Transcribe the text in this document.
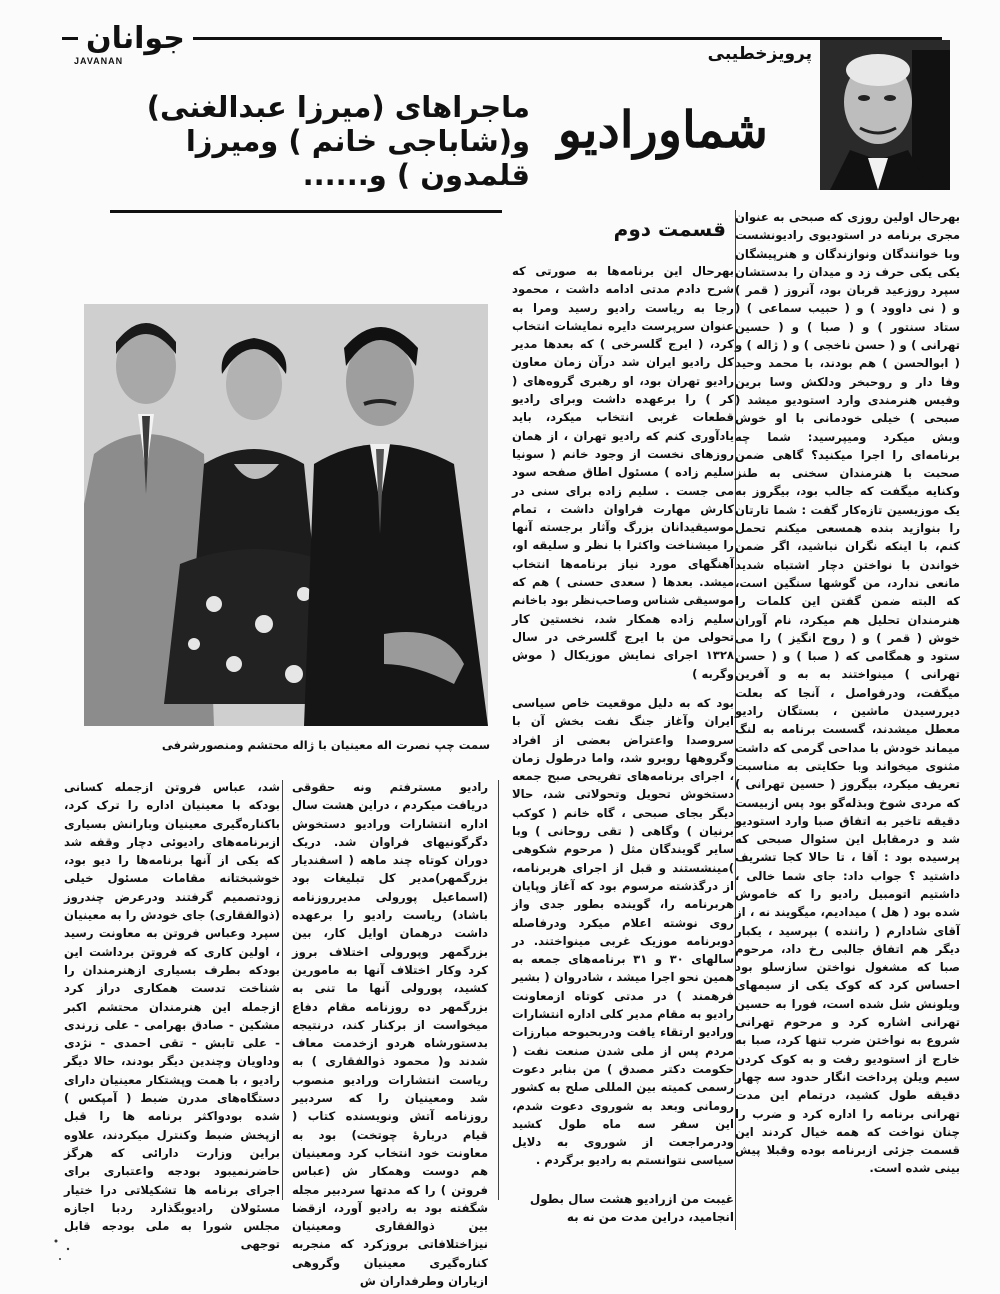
جوانان
JAVANAN	پرویزخطیبی
شماورادیو
ماجراهای (میرزا عبدالغنی) و(شاباجی خانم ) ومیرزا قلمدون ) و......
قسمت دوم
سمت چپ نصرت اله معینیان با ژاله محتشم ومنصورشرفی

بهرحال اولین روزی که صبحی به عنوان مجری برنامه در استودیوی رادیونشست وبا خوانندگان ونوازندگان و هنرپیشگان یکی یکی حرف زد و میدان را بدستشان سپرد روزعید قربان بود، آنروز ( قمر ) و ( نی داوود ) و ( حبیب سماعی ) ( ستاد سنتور ) و ( صبا ) و ( حسین تهرانی ) و ( حسن ناخجی ) و ( ژاله ) و ( ابوالحسن ) هم بودند، با محمد وحید وفا دار و روحبخر ودلکش وسا برین وفیس هنرمندی وارد استودیو میشد ( صبحی ) خیلی خودمانی با او خوش وبش میکرد ومیپرسید: شما چه برنامه‌ای را اجرا میکنید؟ گاهی ضمن صحبت با هنرمندان سخنی به طنز وکنایه میگفت که جالب بود، بیگروز به یک موزیسین تازه‌کار گفت : شما تارتان را بنوازید بنده همسعی میکنم تحمل کنم، با اینکه نگران نباشید، اگر ضمن خواندن با نواختن دچار اشتباه شدید مانعی ندارد، من گوشها سنگین است، که البته ضمن گفتن این کلمات را هنرمندان تحلیل هم میکرد، نام آوران خوش ( قمر ) و ( روح انگیز ) را می ستود و همگامی که ( صبا ) و ( حسن تهرانی ) مینواختند به به و آفرین میگفت، ودرفواصل ، آنجا که بعلت دیررسیدن ماشین ، بستگان رادیو معطل میشدند، گسست برنامه به لنگ میماند خودش با مداحی گرمی که داشت مثنوی میخواند وبا حکایتی به مناسبت تعریف میکرد، بیگروز ( حسین تهرانی ) که مردی شوخ وبذله‌گو بود پس ازبیست دقیقه تاخیر به اتفاق صبا وارد استودیو شد و درمقابل این سئوال صبحی که پرسیده بود : آقا ، تا حالا کجا تشریف داشتید ؟ جواب داد: جای شما خالی ، داشتیم اتومبیل رادیو را که خاموش شده بود ( هل ) میدادیم، میگویند نه ، از آقای شادارم ( راننده ) بپرسید ، یکبار دیگر هم اتفاق جالبی رخ داد، مرحوم صبا که مشغول نواختن سازسلو بود احساس کرد که کوک یکی از سیمهای ویلونش شل شده است، فورا به حسین تهرانی اشاره کرد و مرحوم تهرانی شروع به نواختن ضرب تنها کرد، صبا به خارج از استودیو رفت و به کوک کردن سیم ویلن پرداخت انگار حدود سه چهار دقیقه طول کشید، درتمام این مدت تهرانی برنامه را اداره کرد و ضرب را چنان نواخت که همه خیال کردند این قسمت جزئی ازبرنامه بوده وقبلا پیش بینی شده است.

بهرحال این برنامه‌ها به صورتی که شرح دادم مدتی ادامه داشت ، محمود رجا به ریاست رادیو رسید ومرا به عنوان سرپرست دایره نمایشات انتخاب کرد، ( ایرج گلسرخی ) که بعدها مدیر کل رادیو ایران شد درآن زمان معاون رادیو تهران بود، او رهبری گروه‌های ( کر ) را برعهده داشت وبرای رادیو قطعات غربی انتخاب میکرد، باید یادآوری کنم که رادیو تهران ، از همان روزهای نخست از وجود خانم ( سونیا سلیم زاده ) مسئول اطاق صفحه سود می جست . سلیم زاده برای سنی در کارش مهارت فراوان داشت ، تمام موسیقیدانان بزرگ وآثار برجسته آنها را میشناخت واکثرا با نظر و سلیقه او، آهنگهای مورد نیاز برنامه‌ها انتخاب میشد. بعدها ( سعدی حسنی ) هم که موسیقی شناس وصاحب‌نظر بود باخانم سلیم زاده همکار شد، نخستین کار تحولی من با ایرج گلسرخی در سال ۱۳۲۸ اجرای نمایش موزیکال ( موش وگربه )

بود که به دلیل موقعیت خاص سیاسی ایران وآغاز جنگ نفت بخش آن با سروصدا واعتراض بعضی از افراد وگروهها روبرو شد، واما درطول زمان ، اجرای برنامه‌های تفریحی صبح جمعه دستخوش تحویل وتحولاتی شد، حالا دیگر بجای صبحی ، گاه خانم ( کوکب برنیان ) وگاهی ( تقی روحانی ) وبا سایر گویندگان مثل ( مرحوم شکوهی )مینشستند و قبل از اجرای هربرنامه، از درگذشته مرسوم بود که آغاز وپایان هربرنامه را، گوینده بطور جدی واز روی نوشته اعلام میکرد ودرفاصله دوبرنامه موزیک غربی مینواختند. در سالهای ۳۰ و ۳۱ برنامه‌های جمعه به همین نحو اجرا میشد ، شادروان ( بشیر فرهمند ) در مدتی کوتاه ازمعاونت رادیو به مقام مدیر کلی اداره انتشارات ورادیو ارتقاء یافت ودربحبوحه مبارزات مردم پس از ملی شدن صنعت نفت ( حکومت دکتر مصدق ) من بنابر دعوت رسمی کمیته بین المللی صلح به کشور رومانی وبعد به شوروی دعوت شدم، این سفر سه ماه طول کشید ودرمراجعت از شوروی به دلایل سیاسی نتوانستم به رادیو برگردم .

رادیو مسترفتم ونه حقوقی دریافت میکردم ، دراین هشت سال اداره انتشارات ورادیو دستخوش دگرگونیهای فراوان شد. دریک دوران کوتاه چند ماهه ( اسفندیار بزرگمهر)مدیر کل تبلیغات بود (اسماعیل پورولی مدیرروزنامه باشاد) ریاست رادیو را برعهده داشت درهمان اوایل کار، بین بزرگمهر وپورولی اختلاف بروز کرد وکار اختلاف آنها به مامورین کشید، پورولی آنها ما تنی به بزرگمهر ده روزنامه مقام دفاع میخواست از برکنار کند، درنتیجه بدستورشاه هردو ازخدمت معاف شدند و( محمود ذوالفقاری ) به ریاست انتشارات ورادیو منصوب شد ومعینیان را که سردبیر روزنامه آتش ونویسنده کتاب ( قیام دربارهٔ چوتخت) بود به معاونت خود انتخاب کرد ومعینیان هم دوست وهمکار ش (عباس فروتن ) را که مدتها سردبیر مجله شگفته بود به رادیو آورد، ازقضا بین ذوالفقاری ومعینیان نیزاختلافاتی بروزکرد که منجربه کناره‌گیری معینیان وگروهی ازیاران وطرفداران ش

شد، عباس فروتن ازجمله کسانی بودکه با معینیان اداره را ترک کرد، باکناره‌گیری معینیان وبارانش بسیاری ازبرنامه‌های رادیوئی دچار وقفه شد که یکی از آنها برنامه‌ها را دیو بود، خوشبختانه مقامات مسئول خیلی زودتصمیم گرفتند ودرعرض چندروز (ذوالفقاری) جای خودش را به معینیان سپرد وعباس فروتن به معاونت رسید ، اولین کاری که فروتن برداشت این بودکه بطرف بسیاری ازهنرمندان را شناخت تدست همکاری دراز کرد ازجمله این هنرمندان محتشم اکبر مشکین - صادق بهرامی - علی زرندی - علی تابش - تقی احمدی - نژدی وداویان وچندین دیگر بودند، حالا دیگر رادیو ، با همت وپشتکار معینیان دارای دستگاه‌های مدرن ضبط ( آمپکس ) شده بودواکثر برنامه ها را قبل ازپخش ضبط وکنترل میکردند، علاوه براین وزارت دارائی که هرگز حاضرنمیبود بودجه واعتباری برای اجرای برنامه ها تشکیلاتی درا ختیار مسئولان رادیوبگذارد ردبا اجازه مجلس شورا به ملی بودجه قابل توجهی

غیبت من ازرادیو هشت سال بطول انجامید، دراین مدت من نه به
